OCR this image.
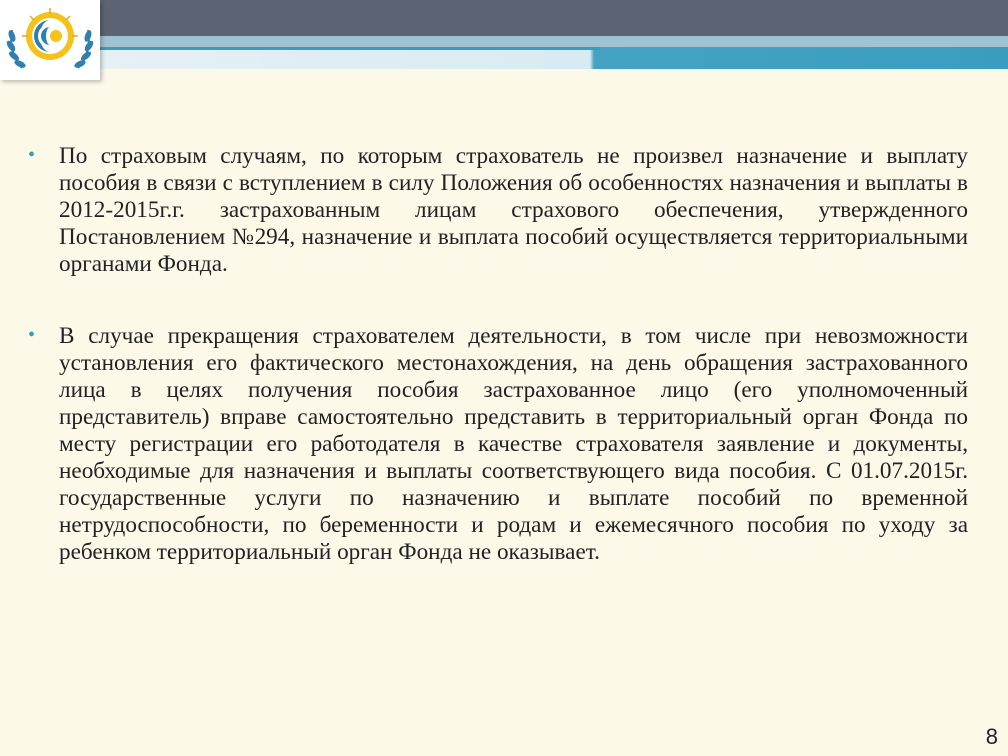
• По страховым случаям, по которым страхователь не произвел назначение и выплату пособия в связи с вступлением в силу Положения об особенностях назначения и выплаты в 2012-2015г.г. застрахованным лицам страхового обеспечения, утвержденного Постановлением №294, назначение и выплата пособий осуществляется территориальными органами Фонда.
• В случае прекращения страхователем деятельности, в том числе при невозможности установления его фактического местонахождения, на день обращения застрахованного лица в целях получения пособия застрахованное лицо (его уполномоченный представитель) вправе самостоятельно представить в территориальный орган Фонда по месту регистрации его работодателя в качестве страхователя заявление и документы, необходимые для назначения и выплаты соответствующего вида пособия. С 01.07.2015г. государственные услуги по назначению и выплате пособий по временной нетрудоспособности, по беременности и родам и ежемесячного пособия по уходу за ребенком территориальный орган Фонда не оказывает.
8
